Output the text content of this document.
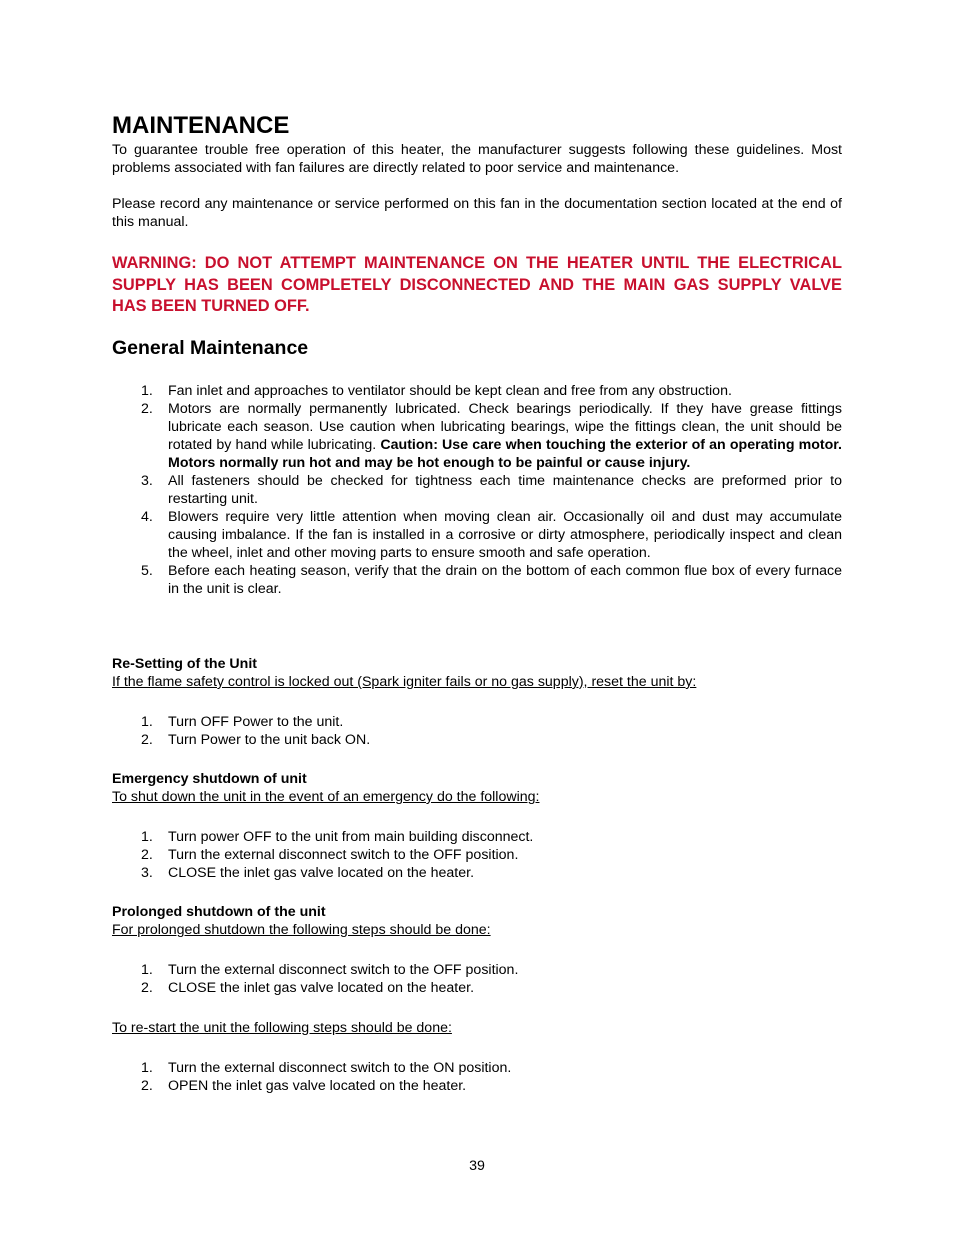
MAINTENANCE

To guarantee trouble free operation of this heater, the manufacturer suggests following these guidelines. Most problems associated with fan failures are directly related to poor service and maintenance.

Please record any maintenance or service performed on this fan in the documentation section located at the end of this manual.

WARNING: DO NOT ATTEMPT MAINTENANCE ON THE HEATER UNTIL THE ELECTRICAL SUPPLY HAS BEEN COMPLETELY DISCONNECTED AND THE MAIN GAS SUPPLY VALVE HAS BEEN TURNED OFF.

General Maintenance
1. Fan inlet and approaches to ventilator should be kept clean and free from any obstruction.
2. Motors are normally permanently lubricated. Check bearings periodically. If they have grease fittings lubricate each season. Use caution when lubricating bearings, wipe the fittings clean, the unit should be rotated by hand while lubricating. Caution: Use care when touching the exterior of an operating motor. Motors normally run hot and may be hot enough to be painful or cause injury.
3. All fasteners should be checked for tightness each time maintenance checks are preformed prior to restarting unit.
4. Blowers require very little attention when moving clean air. Occasionally oil and dust may accumulate causing imbalance. If the fan is installed in a corrosive or dirty atmosphere, periodically inspect and clean the wheel, inlet and other moving parts to ensure smooth and safe operation.
5. Before each heating season, verify that the drain on the bottom of each common flue box of every furnace in the unit is clear.

Re-Setting of the Unit

If the flame safety control is locked out (Spark igniter fails or no gas supply), reset the unit by:

1. Turn OFF Power to the unit.
2. Turn Power to the unit back ON.

Emergency shutdown of unit

To shut down the unit in the event of an emergency do the following:

1. Turn power OFF to the unit from main building disconnect.
2. Turn the external disconnect switch to the OFF position.
3. CLOSE the inlet gas valve located on the heater.

Prolonged shutdown of the unit

For prolonged shutdown the following steps should be done:

1. Turn the external disconnect switch to the OFF position.
2. CLOSE the inlet gas valve located on the heater.

To re-start the unit the following steps should be done:

1. Turn the external disconnect switch to the ON position.
2. OPEN the inlet gas valve located on the heater.
39
